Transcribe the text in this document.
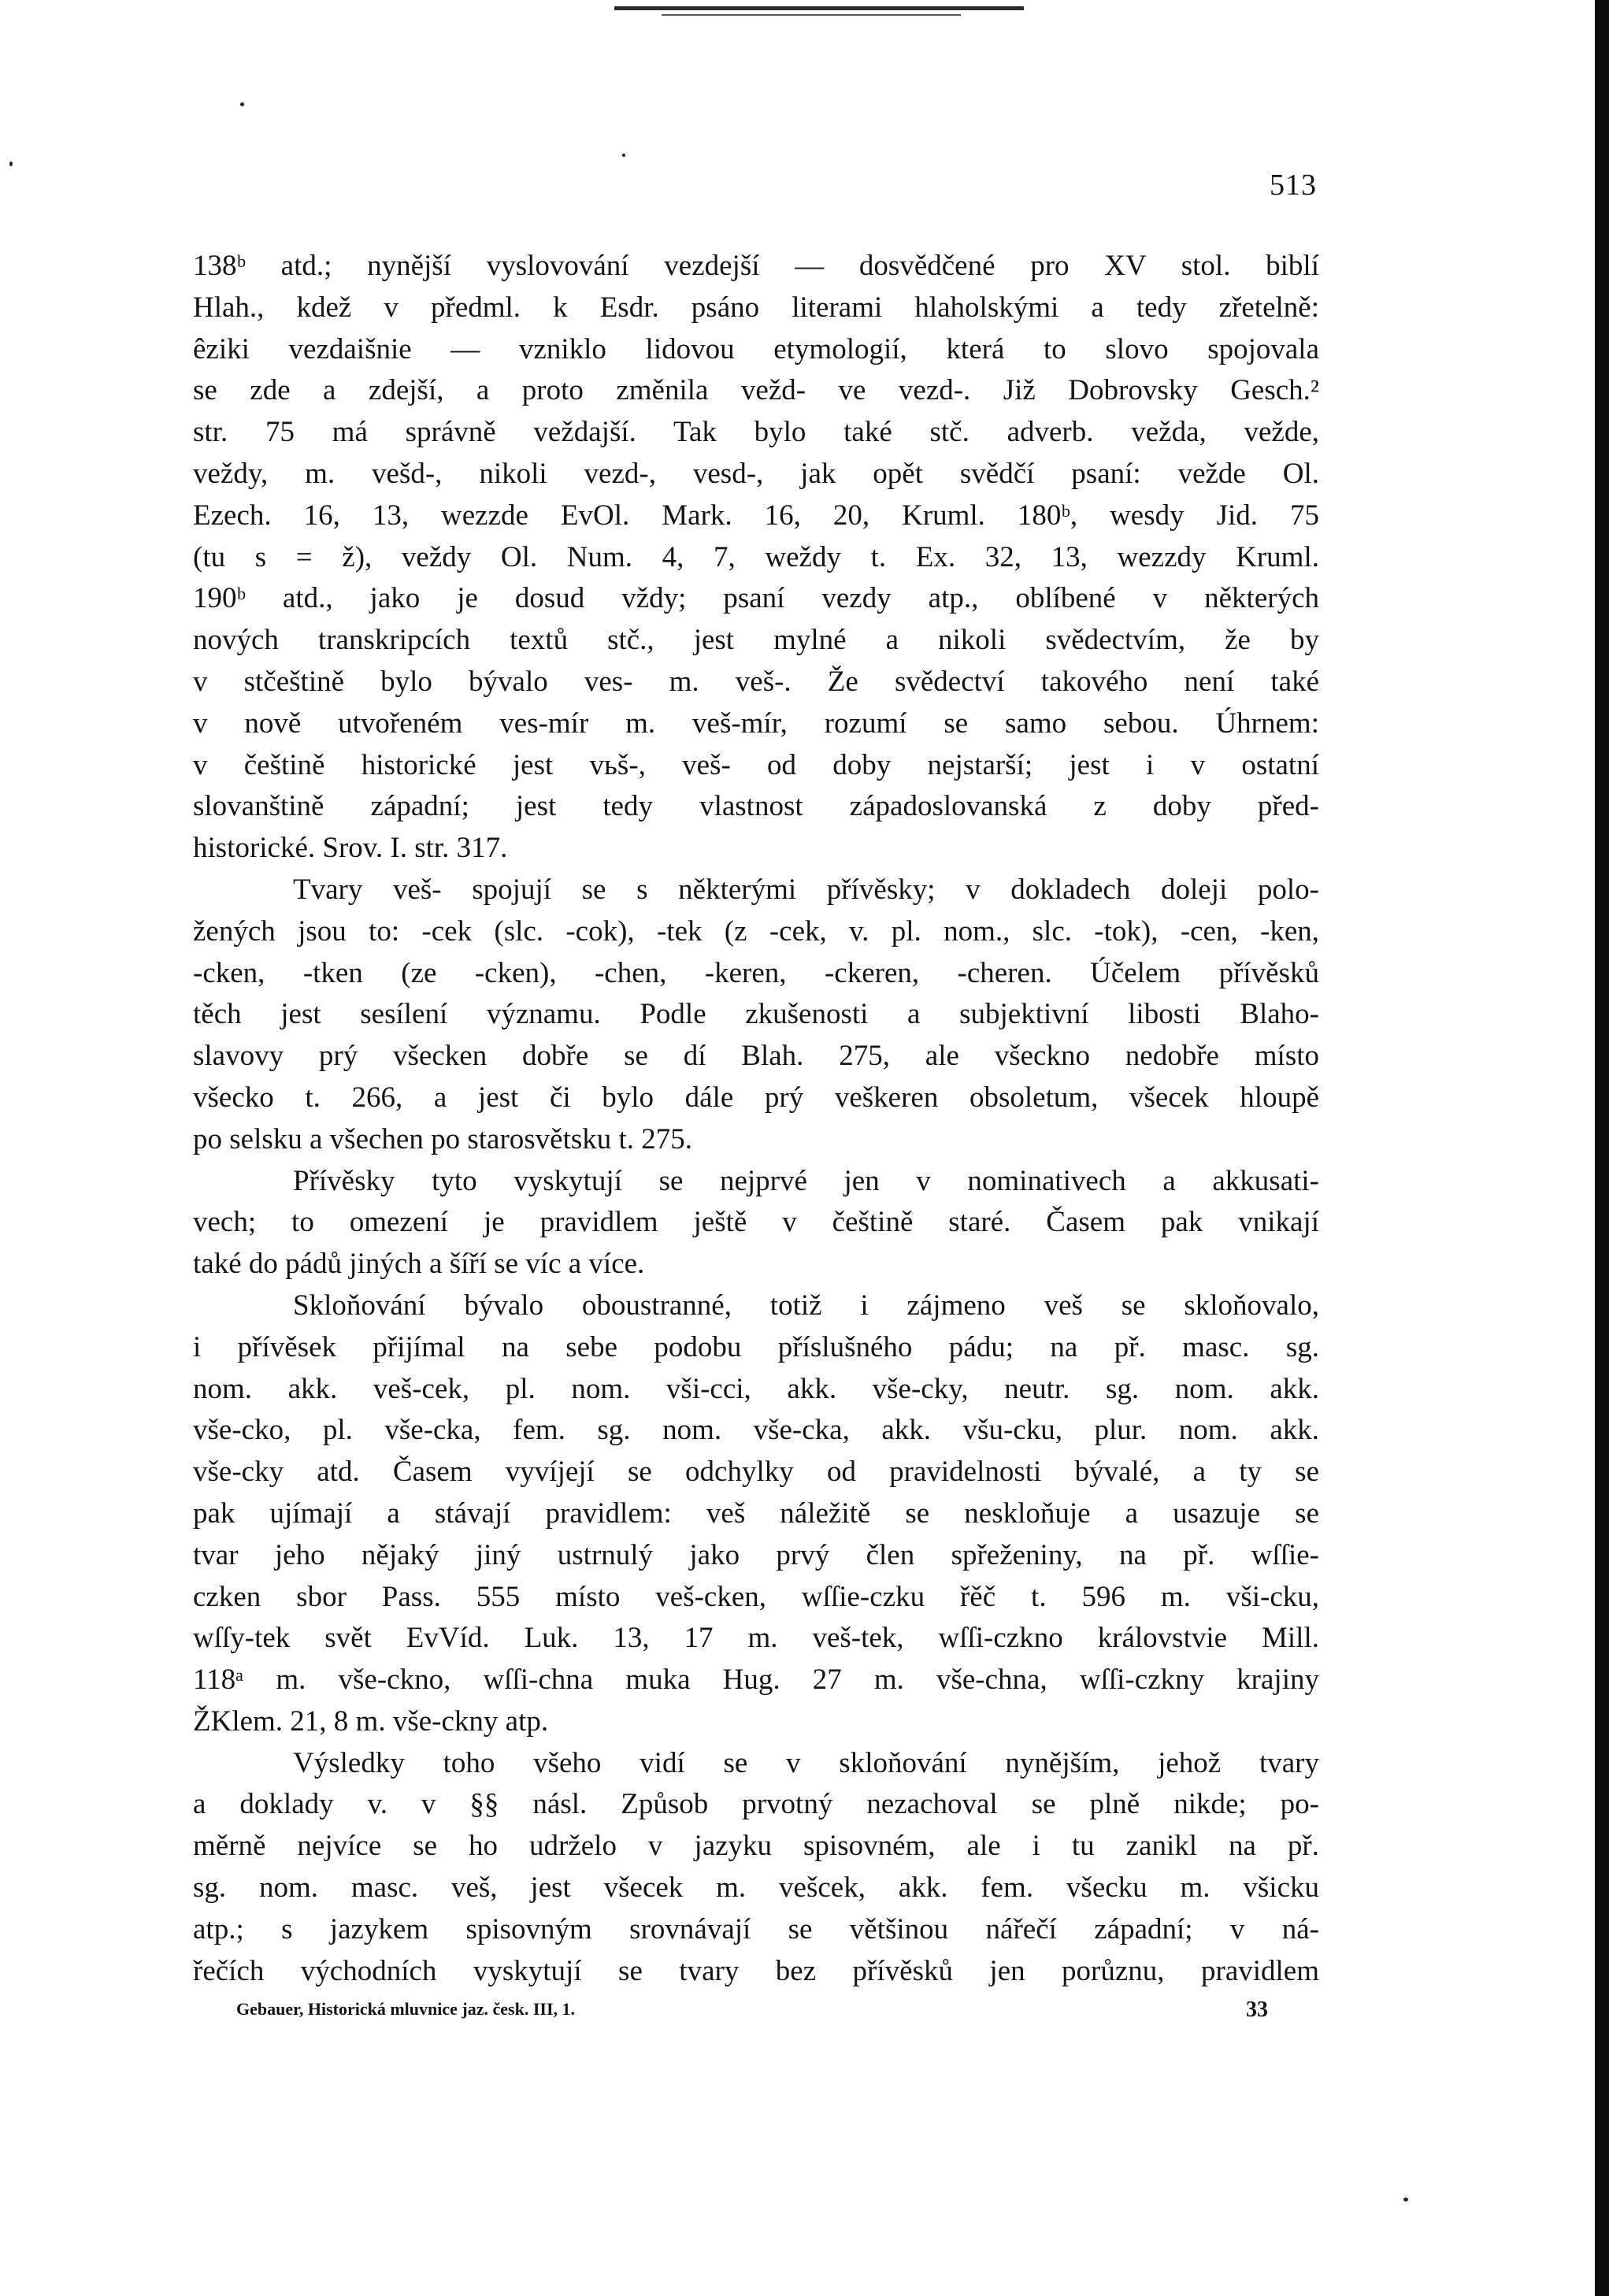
513
138ᵇ atd.; nynější vyslovování vezdejší — dosvědčené pro XV stol. biblí
Hlah., kdež v předml. k Esdr. psáno literami hlaholskými a tedy zřetelně:
êziki vezdaišnie — vzniklo lidovou etymologií, která to slovo spojovala
se zde a zdejší, a proto změnila vežd- ve vezd-. Již Dobrovsky Gesch.²
str. 75 má správně veždajší. Tak bylo také stč. adverb. vežda, vežde,
veždy, m. vešd-, nikoli vezd-, vesd-, jak opět svědčí psaní: vežde Ol.
Ezech. 16, 13, wezzde EvOl. Mark. 16, 20, Kruml. 180ᵇ, wesdy Jid. 75
(tu s = ž), veždy Ol. Num. 4, 7, weždy t. Ex. 32, 13, wezzdy Kruml.
190ᵇ atd., jako je dosud vždy; psaní vezdy atp., oblíbené v některých
nových transkripcích textů stč., jest mylné a nikoli svědectvím, že by
v stčeštině bylo bývalo ves- m. veš-. Že svědectví takového není také
v nově utvořeném ves-mír m. veš-mír, rozumí se samo sebou. Úhrnem:
v češtině historické jest vьš-, veš- od doby nejstarší; jest i v ostatní
slovanštině západní; jest tedy vlastnost západoslovanská z doby před-
historické. Srov. I. str. 317.
Tvary veš- spojují se s některými přívěsky; v dokladech doleji polo-
žených jsou to: -cek (slc. -cok), -tek (z -cek, v. pl. nom., slc. -tok), -cen, -ken,
-cken, -tken (ze -cken), -chen, -keren, -ckeren, -cheren. Účelem přívěsků
těch jest sesílení významu. Podle zkušenosti a subjektivní libosti Blaho-
slavovy prý všecken dobře se dí Blah. 275, ale všeckno nedobře místo
všecko t. 266, a jest či bylo dále prý veškeren obsoletum, všecek hloupě
po selsku a všechen po starosvětsku t. 275.
Přívěsky tyto vyskytují se nejprvé jen v nominativech a akkusati-
vech; to omezení je pravidlem ještě v češtině staré. Časem pak vnikají
také do pádů jiných a šíří se víc a více.
Skloňování bývalo oboustranné, totiž i zájmeno veš se skloňovalo,
i přívěsek přijímal na sebe podobu příslušného pádu; na př. masc. sg.
nom. akk. veš-cek, pl. nom. vši-cci, akk. vše-cky, neutr. sg. nom. akk.
vše-cko, pl. vše-cka, fem. sg. nom. vše-cka, akk. všu-cku, plur. nom. akk.
vše-cky atd. Časem vyvíjejí se odchylky od pravidelnosti bývalé, a ty se
pak ujímají a stávají pravidlem: veš náležitě se neskloňuje a usazuje se
tvar jeho nějaký jiný ustrnulý jako prvý člen spřeženiny, na př. wſſie-
czken sbor Pass. 555 místo veš-cken, wſſie-czku řěč t. 596 m. vši-cku,
wſſy-tek svět EvVíd. Luk. 13, 17 m. veš-tek, wſſi-czkno královstvie Mill.
118ᵃ m. vše-ckno, wſſi-chna muka Hug. 27 m. vše-chna, wſſi-czkny krajiny
ŽKlem. 21, 8 m. vše-ckny atp.
Výsledky toho všeho vidí se v skloňování nynějším, jehož tvary
a doklady v. v §§ násl. Způsob prvotný nezachoval se plně nikde; po-
měrně nejvíce se ho udrželo v jazyku spisovném, ale i tu zanikl na př.
sg. nom. masc. veš, jest všecek m. vešcek, akk. fem. všecku m. všicku
atp.; s jazykem spisovným srovnávají se většinou nářečí západní; v ná-
řečích východních vyskytují se tvary bez přívěsků jen porůznu, pravidlem
Gebauer, Historická mluvnice jaz. česk. III, 1.	33
